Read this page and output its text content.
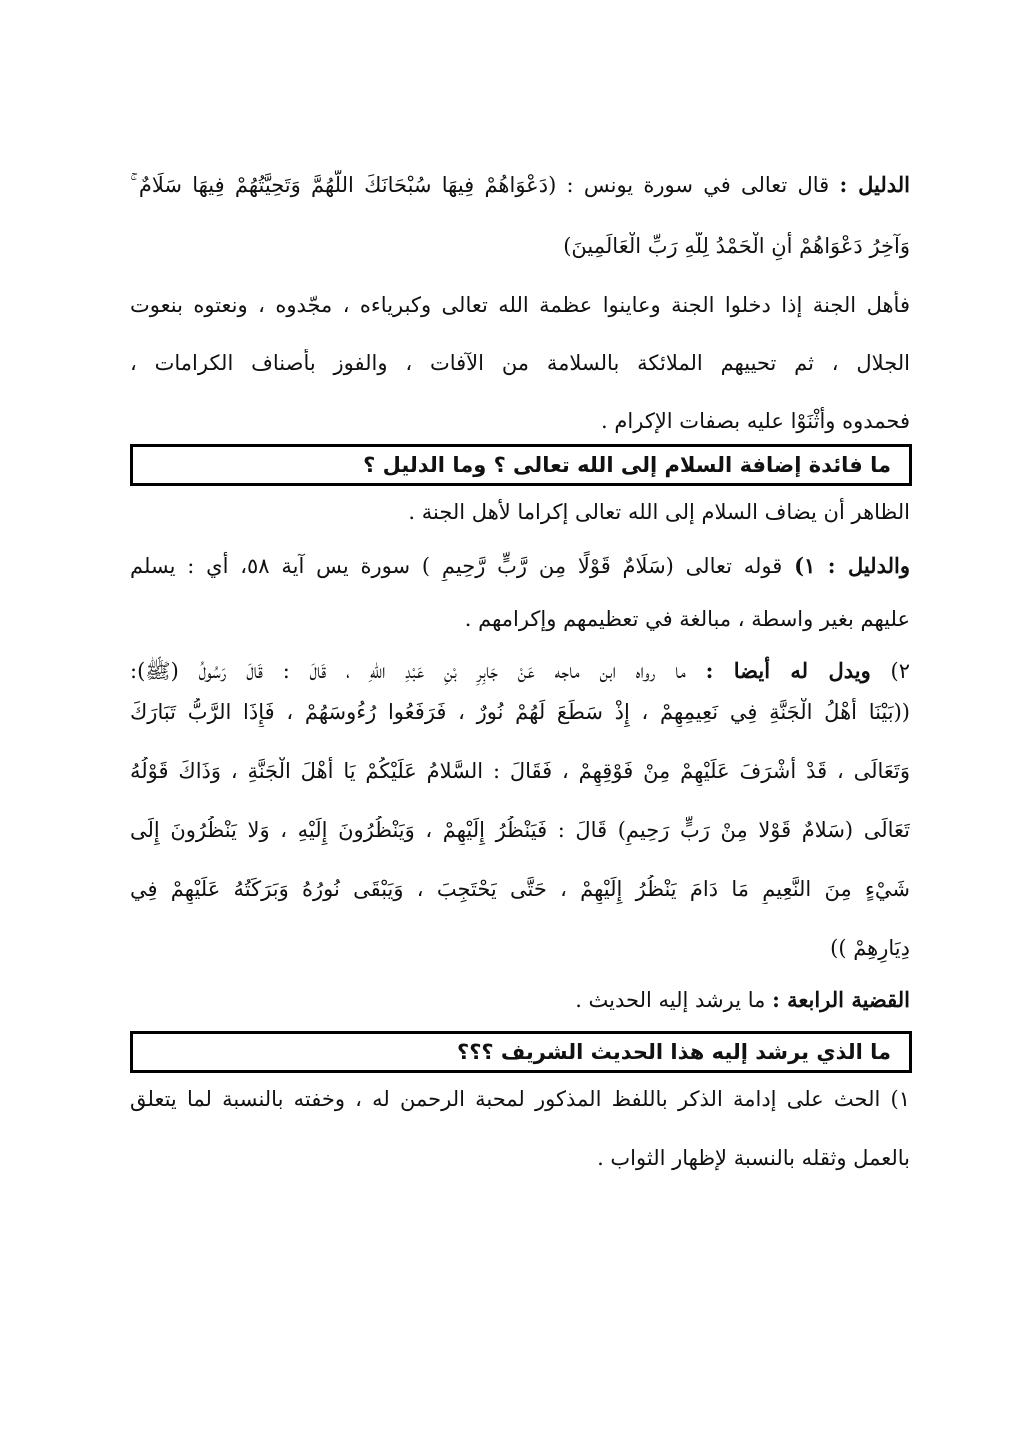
الدليل : قال تعالى في سورة يونس : (دَعْوَاهُمْ فِيهَا سُبْحَانَكَ اللَّهُمَّ وَتَحِيَّتُهُمْ فِيهَا سَلَامٌ ۚ

وَآخِرُ دَعْوَاهُمْ أَنِ الْحَمْدُ لِلَّهِ رَبِّ الْعَالَمِينَ)

فأهل الجنة إذا دخلوا الجنة وعاينوا عظمة الله تعالى وكبرياءه ، مجّدوه ، ونعتوه بنعوت

الجلال ، ثم تحييهم الملائكة بالسلامة من الآفات ، والفوز بأصناف الكرامات ،

فحمدوه وأَثْنَوْا عليه بصفات الإكرام .

ما فائدة إضافة السلام إلى الله تعالى ؟ وما الدليل ؟

الظاهر أن يضاف السلام إلى الله تعالى إكراما لأهل الجنة .

والدليل : ١) قوله تعالى (سَلَامٌ قَوْلًا مِن رَّبٍّ رَّحِيمٍ ) سورة يس آية ٥٨، أي : يسلم

عليهم بغير واسطة ، مبالغة في تعظيمهم وإكرامهم .

٢) ويدل له أيضا : ما رواه ابن ماجه عَنْ جَابِرِ بْنِ عَبْدِ اللهِ ، قَالَ : قَالَ رَسُولُ (ﷺ):

((بَيْنَا أَهْلُ الْجَنَّةِ فِي نَعِيمِهِمْ ، إِذْ سَطَعَ لَهُمْ نُورٌ ، فَرَفَعُوا رُءُوسَهُمْ ، فَإِذَا الرَّبُّ تَبَارَكَ

وَتَعَالَى ، قَدْ أَشْرَفَ عَلَيْهِمْ مِنْ فَوْقِهِمْ ، فَقَالَ : السَّلامُ عَلَيْكُمْ يَا أَهْلَ الْجَنَّةِ ، وَذَاكَ قَوْلُهُ

تَعَالَى (سَلامٌ قَوْلا مِنْ رَبٍّ رَحِيمٍ) قَالَ : فَيَنْظُرُ إِلَيْهِمْ ، وَيَنْظُرُونَ إِلَيْهِ ، وَلا يَنْظُرُونَ إِلَى

شَيْءٍ مِنَ النَّعِيمِ مَا دَامَ يَنْظُرُ إِلَيْهِمْ ، حَتَّى يَحْتَجِبَ ، وَيَبْقَى نُورُهُ وَبَرَكَتُهُ عَلَيْهِمْ فِي

دِيَارِهِمْ ))

القضية الرابعة : ما يرشد إليه الحديث .

ما الذي يرشد إليه هذا الحديث الشريف ؟؟؟

١) الحث على إدامة الذكر باللفظ المذكور لمحبة الرحمن له ، وخفته بالنسبة لما يتعلق

بالعمل وثقله بالنسبة لإظهار الثواب .
